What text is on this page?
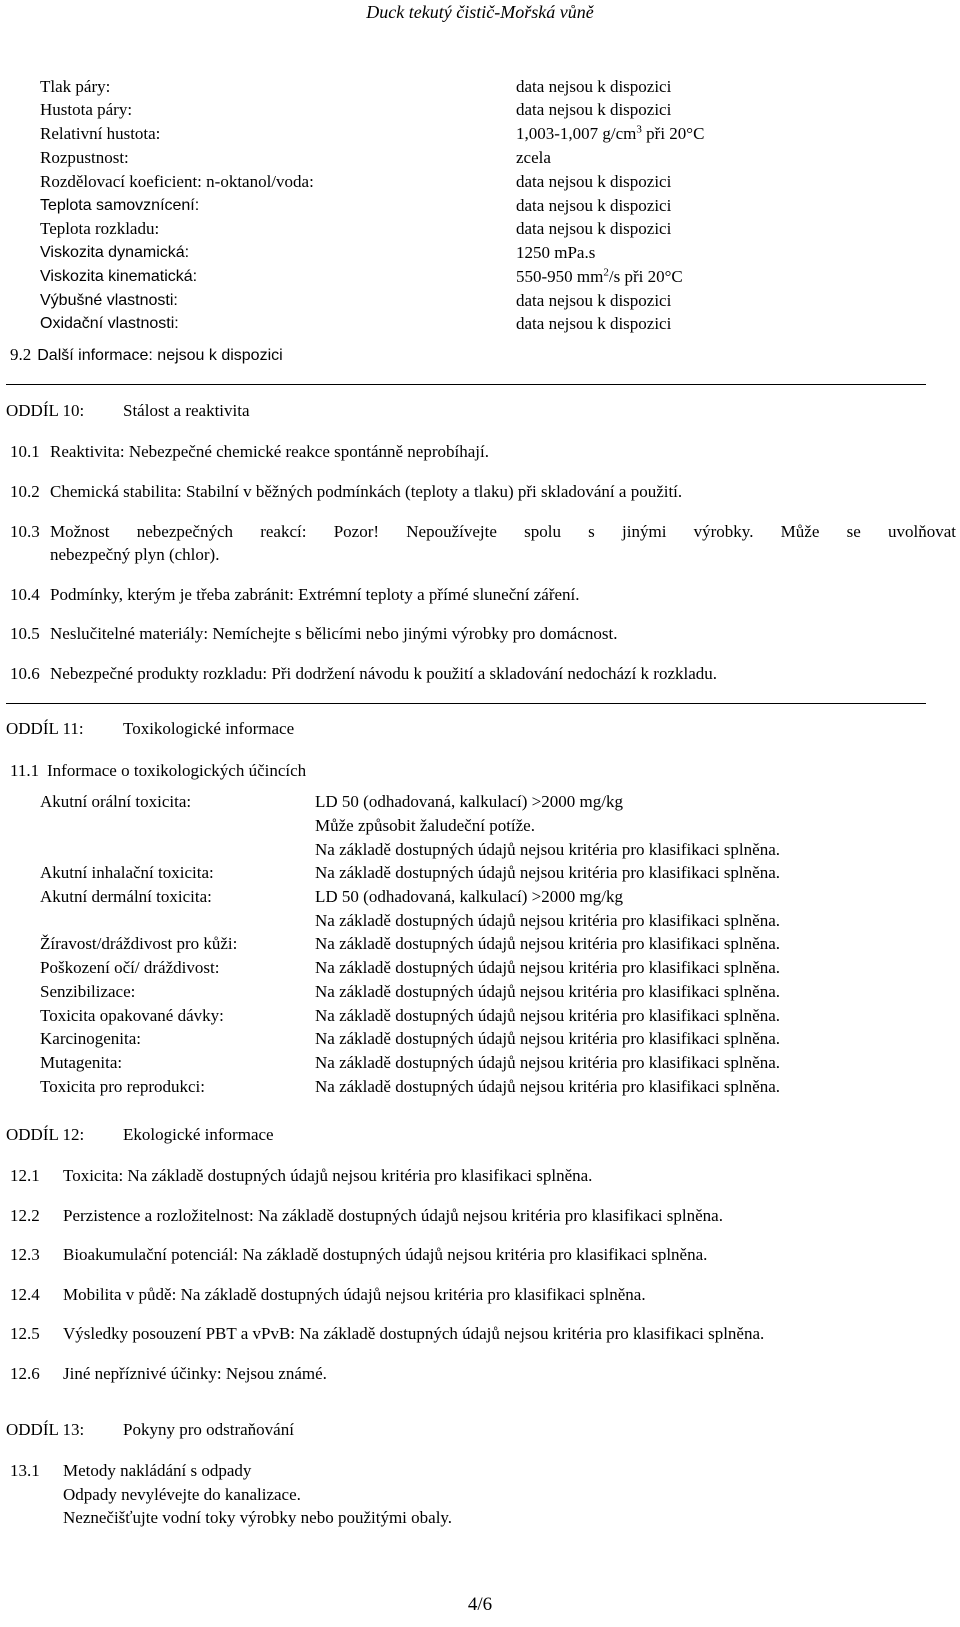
Duck tekutý čistič-Mořská vůně
Tlak páry:	data nejsou k dispozici
Hustota páry:	data nejsou k dispozici
Relativní hustota:	1,003-1,007 $g/cm^3$ při 20°C
Rozpustnost:	zcela
Rozdělovací koeficient: n-oktanol/voda:	data nejsou k dispozici
Teplota samovznícení:	data nejsou k dispozici
Teplota rozkladu:	data nejsou k dispozici
Viskozita dynamická:	1250 mPa.s
Viskozita kinematická:	550-950 $mm^2/s$ při 20°C
Výbušné vlastnosti:	data nejsou k dispozici
Oxidační vlastnosti:	data nejsou k dispozici
9.2 Další informace: nejsou k dispozici
ODDÍL 10: Stálost a reaktivita
10.1 Reaktivita: Nebezpečné chemické reakce spontánně neprobíhají.
10.2 Chemická stabilita: Stabilní v běžných podmínkách (teploty a tlaku) při skladování a použití.
10.3 Možnost nebezpečných reakcí: Pozor! Nepoužívejte spolu s jinými výrobky. Může se uvolňovat
nebezpečný plyn (chlor).
10.4 Podmínky, kterým je třeba zabránit: Extrémní teploty a přímé sluneční záření.
10.5 Neslučitelné materiály: Nemíchejte s bělicími nebo jinými výrobky pro domácnost.
10.6 Nebezpečné produkty rozkladu: Při dodržení návodu k použití a skladování nedochází k rozkladu.
ODDÍL 11: Toxikologické informace
11.1 Informace o toxikologických účincích
Akutní orální toxicita:	LD 50 (odhadovaná, kalkulací) >2000 mg/kg
Může způsobit žaludeční potíže.
Na základě dostupných údajů nejsou kritéria pro klasifikaci splněna.
Akutní inhalační toxicita:	Na základě dostupných údajů nejsou kritéria pro klasifikaci splněna.
Akutní dermální toxicita:	LD 50 (odhadovaná, kalkulací) >2000 mg/kg
Na základě dostupných údajů nejsou kritéria pro klasifikaci splněna.
Žíravost/dráždivost pro kůži:	Na základě dostupných údajů nejsou kritéria pro klasifikaci splněna.
Poškození očí/ dráždivost:	Na základě dostupných údajů nejsou kritéria pro klasifikaci splněna.
Senzibilizace:	Na základě dostupných údajů nejsou kritéria pro klasifikaci splněna.
Toxicita opakované dávky:	Na základě dostupných údajů nejsou kritéria pro klasifikaci splněna.
Karcinogenita:	Na základě dostupných údajů nejsou kritéria pro klasifikaci splněna.
Mutagenita:	Na základě dostupných údajů nejsou kritéria pro klasifikaci splněna.
Toxicita pro reprodukci:	Na základě dostupných údajů nejsou kritéria pro klasifikaci splněna.
ODDÍL 12: Ekologické informace
12.1 Toxicita: Na základě dostupných údajů nejsou kritéria pro klasifikaci splněna.
12.2 Perzistence a rozložitelnost: Na základě dostupných údajů nejsou kritéria pro klasifikaci splněna.
12.3 Bioakumulační potenciál: Na základě dostupných údajů nejsou kritéria pro klasifikaci splněna.
12.4 Mobilita v půdě: Na základě dostupných údajů nejsou kritéria pro klasifikaci splněna.
12.5 Výsledky posouzení PBT a vPvB: Na základě dostupných údajů nejsou kritéria pro klasifikaci splněna.
12.6 Jiné nepříznivé účinky: Nejsou známé.
ODDÍL 13: Pokyny pro odstraňování
13.1 Metody nakládání s odpady
Odpady nevylévejte do kanalizace.
Neznečišťujte vodní toky výrobky nebo použitými obaly.
4/6
